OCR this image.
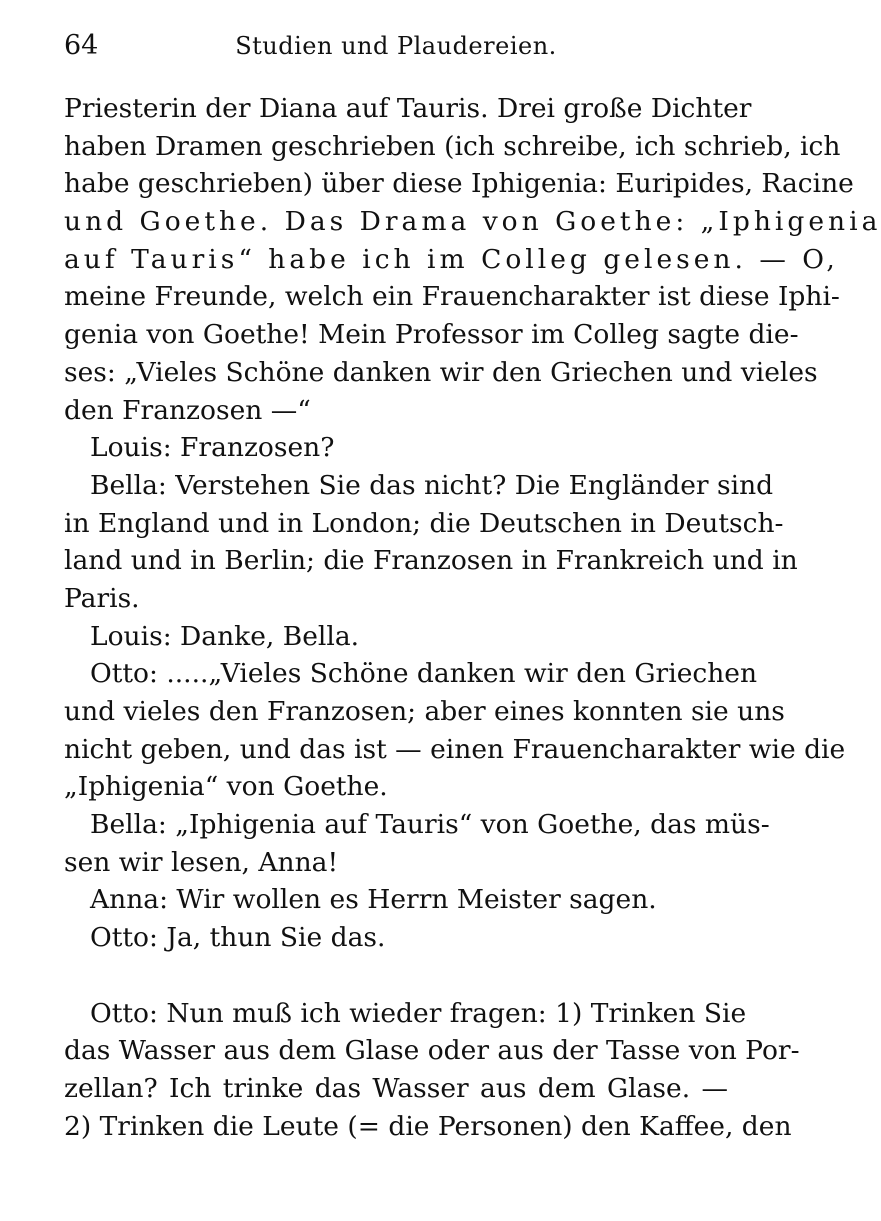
64	Studien und Plaudereien.
Priesterin der Diana auf Tauris. Drei große Dichter
haben Dramen geschrieben (ich schreibe, ich schrieb, ich
habe geschrieben) über diese Iphigenia: Euripides, Racine
und Goethe. Das Drama von Goethe: „Iphigenia
auf Tauris“ habe ich im Colleg gelesen. — O,
meine Freunde, welch ein Frauencharakter ist diese Iphi-
genia von Goethe! Mein Professor im Colleg sagte die-
ses: „Vieles Schöne danken wir den Griechen und vieles
den Franzosen —“
Louis: Franzosen?
Bella: Verstehen Sie das nicht? Die Engländer sind
in England und in London; die Deutschen in Deutsch-
land und in Berlin; die Franzosen in Frankreich und in
Paris.
Louis: Danke, Bella.
Otto: .....„Vieles Schöne danken wir den Griechen
und vieles den Franzosen; aber eines konnten sie uns
nicht geben, und das ist — einen Frauencharakter wie die
„Iphigenia“ von Goethe.
Bella: „Iphigenia auf Tauris“ von Goethe, das müs-
sen wir lesen, Anna!
Anna: Wir wollen es Herrn Meister sagen.
Otto: Ja, thun Sie das.
Otto: Nun muß ich wieder fragen: 1) Trinken Sie
das Wasser aus dem Glase oder aus der Tasse von Por-
zellan? Ich trinke das Wasser aus dem Glase. —
2) Trinken die Leute (= die Personen) den Kaffee, den
